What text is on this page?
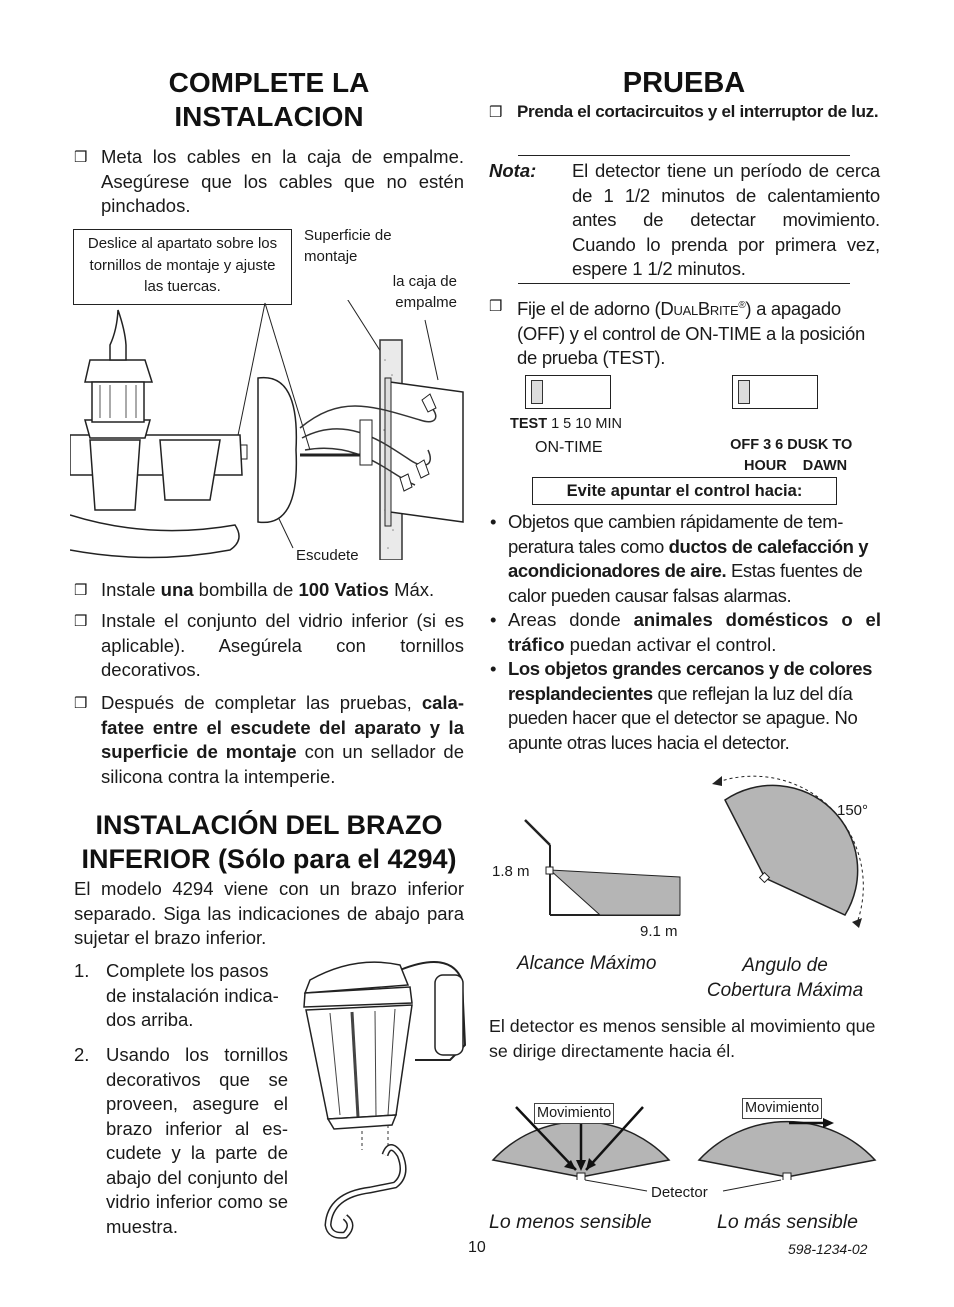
COMPLETE LA
INSTALACION
❒ Meta los cables en la caja de empalme. Asegúrese que los cables que no estén pinchados.

Deslice al apartato sobre los tornillos de montaje y ajuste las tuercas.
Superficie de
montaje
la caja de
empalme
Escudete
❒ Instale una bombilla de 100 Vatios Máx.

❒ Instale el conjunto del vidrio inferior (si es aplicable). Asegúrela con tornillos decorativos.

❒ Después de completar las pruebas, cala-fatee entre el escudete del aparato y la superficie de montaje con un sellador de silicona contra la intemperie.

INSTALACIÓN DEL BRAZO
INFERIOR (Sólo para el 4294)

El modelo 4294 viene con un brazo inferior separado. Siga las indicaciones de abajo para sujetar el brazo inferior.

1. Complete los pasos de instalación indica-dos arriba.

2. Usando los tornillos decorativos que se proveen, asegure el brazo inferior al es-cudete y la parte de abajo del conjunto del vidrio inferior como se muestra.

PRUEBA
❒ Prenda el cortacircuitos y el interruptor de luz.

Nota: El detector tiene un período de cerca de 1 1/2 minutos de calentamiento antes de detectar movimiento. Cuando lo prenda por primera vez, espere 1 1/2 minutos.

❒ Fije el de adorno (DualBrite®) a apagado (OFF) y el control de ON-TIME a la posición de prueba (TEST).

TEST 1 5 10 MIN
ON-TIME	OFF 3 6 DUSK TO
HOUR    DAWN

Evite apuntar el control hacia:
• Objetos que cambien rápidamente de tem-peratura tales como ductos de calefacción y acondicionadores de aire. Estas fuentes de calor pueden causar falsas alarmas.

• Areas donde animales domésticos o el tráfico puedan activar el control.

• Los objetos grandes cercanos y de colores resplandecientes que reflejan la luz del día pueden hacer que el detector se apague. No apunte otras luces hacia el detector.

1.8 m
9.1 m
150°
Alcance Máximo	Angulo de
Cobertura Máxima

El detector es menos sensible al movimiento que se dirige directamente hacia él.

Movimiento	Movimiento
Detector
Lo menos sensible	Lo más sensible
10	598-1234-02
